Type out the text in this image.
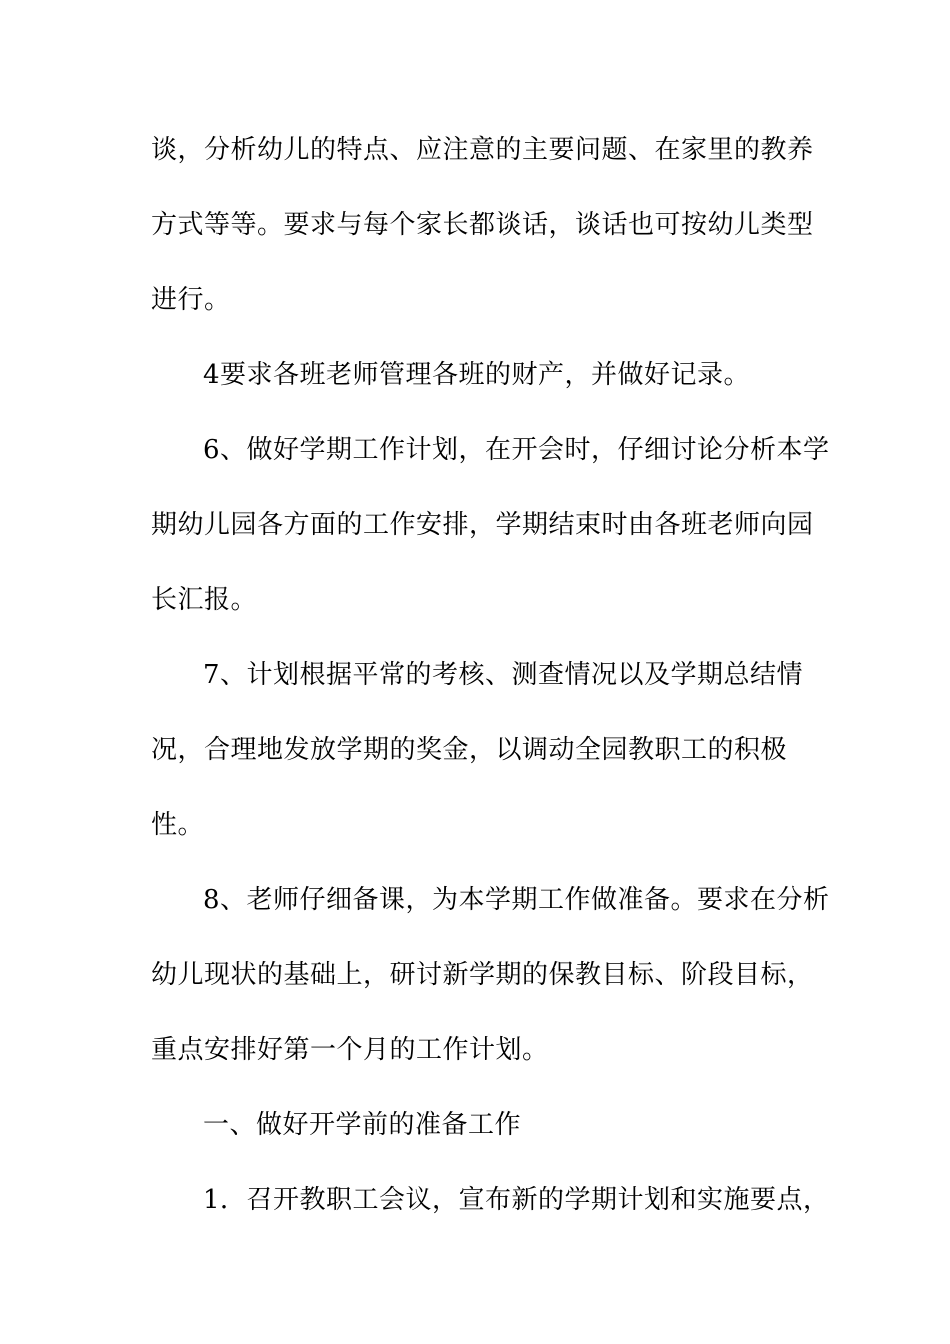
谈，分析幼儿的特点、应注意的主要问题、在家里的教养
方式等等。要求与每个家长都谈话，谈话也可按幼儿类型
进行。
4要求各班老师管理各班的财产，并做好记录。
6、做好学期工作计划，在开会时，仔细讨论分析本学
期幼儿园各方面的工作安排，学期结束时由各班老师向园
长汇报。
7、计划根据平常的考核、测查情况以及学期总结情
况，合理地发放学期的奖金，以调动全园教职工的积极
性。
8、老师仔细备课，为本学期工作做准备。要求在分析
幼儿现状的基础上，研讨新学期的保教目标、阶段目标，
重点安排好第一个月的工作计划。
一、做好开学前的准备工作
1．召开教职工会议，宣布新的学期计划和实施要点，
